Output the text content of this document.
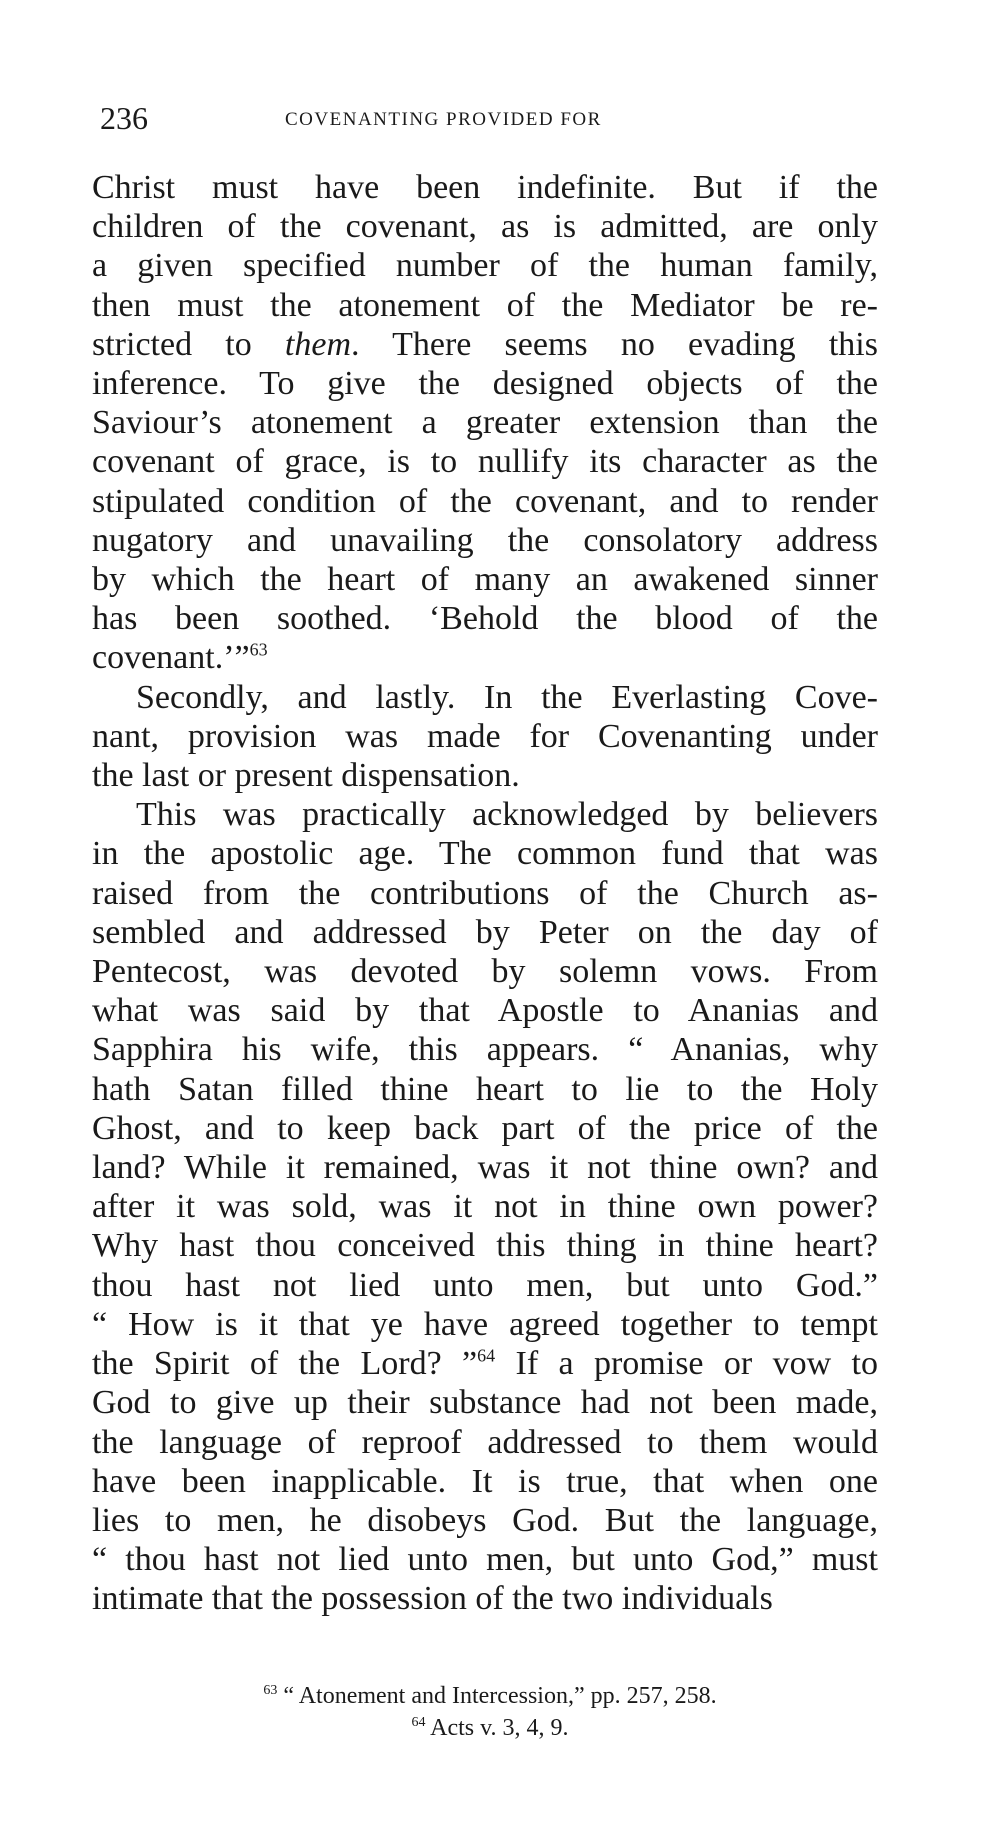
236	COVENANTING PROVIDED FOR
Christ must have been indefinite. But if the
children of the covenant, as is admitted, are only
a given specified number of the human family,
then must the atonement of the Mediator be re-
stricted to them. There seems no evading this
inference. To give the designed objects of the
Saviour’s atonement a greater extension than the
covenant of grace, is to nullify its character as the
stipulated condition of the covenant, and to render
nugatory and unavailing the consolatory address
by which the heart of many an awakened sinner
has been soothed. ‘Behold the blood of the
covenant.’”$^{63}$
Secondly, and lastly. In the Everlasting Cove-
nant, provision was made for Covenanting under
the last or present dispensation.
This was practically acknowledged by believers
in the apostolic age. The common fund that was
raised from the contributions of the Church as-
sembled and addressed by Peter on the day of
Pentecost, was devoted by solemn vows. From
what was said by that Apostle to Ananias and
Sapphira his wife, this appears. “ Ananias, why
hath Satan filled thine heart to lie to the Holy
Ghost, and to keep back part of the price of the
land? While it remained, was it not thine own? and
after it was sold, was it not in thine own power?
Why hast thou conceived this thing in thine heart?
thou hast not lied unto men, but unto God.”
“ How is it that ye have agreed together to tempt
the Spirit of the Lord? ”$^{64}$ If a promise or vow to
God to give up their substance had not been made,
the language of reproof addressed to them would
have been inapplicable. It is true, that when one
lies to men, he disobeys God. But the language,
“ thou hast not lied unto men, but unto God,” must
intimate that the possession of the two individuals
$^{63}$ “ Atonement and Intercession,” pp. 257, 258.
$^{64}$ Acts v. 3, 4, 9.
